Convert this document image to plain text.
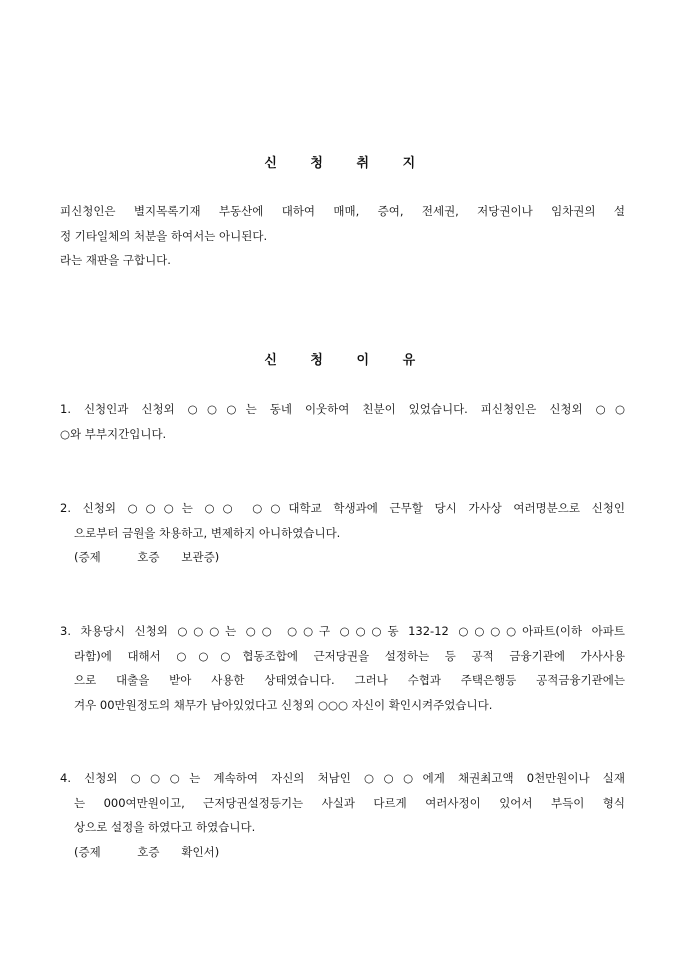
신 청 취 지
피신청인은 별지목록기재 부동산에 대하여 매매, 증여, 전세권, 저당권이나 임차권의 설
정 기타일체의 처분을 하여서는 아니된다.
라는 재판을 구합니다.
신 청 이 유
1. 신청인과 신청외 ○○○는 동네 이웃하여 친분이 있었습니다. 피신청인은 신청외 ○○
○와 부부지간입니다.
2. 신청외 ○○○는 ○○ ○○대학교 학생과에 근무할 당시 가사상 여러명분으로 신청인
으로부터 금원을 차용하고, 변제하지 아니하였습니다.
(증제          호증      보관증)
3. 차용당시 신청외 ○○○는 ○○ ○○구 ○○○동 132-12 ○○○○아파트(이하 아파트
라함)에 대해서 ○○○협동조합에 근저당권을 설정하는 등 공적 금융기관에 가사사용
으로 대출을 받아 사용한 상태였습니다. 그러나 수협과 주택은행등 공적금융기관에는
겨우 00만원정도의 채무가 남아있었다고 신청외 ○○○ 자신이 확인시켜주었습니다.
4. 신청외 ○○○는 계속하여 자신의 처남인 ○○○에게 채권최고액 0천만원이나 실재
는 000여만원이고, 근저당권설정등기는 사실과 다르게 여러사정이 있어서 부득이 형식
상으로 설정을 하였다고 하였습니다.
(증제          호증      확인서)
